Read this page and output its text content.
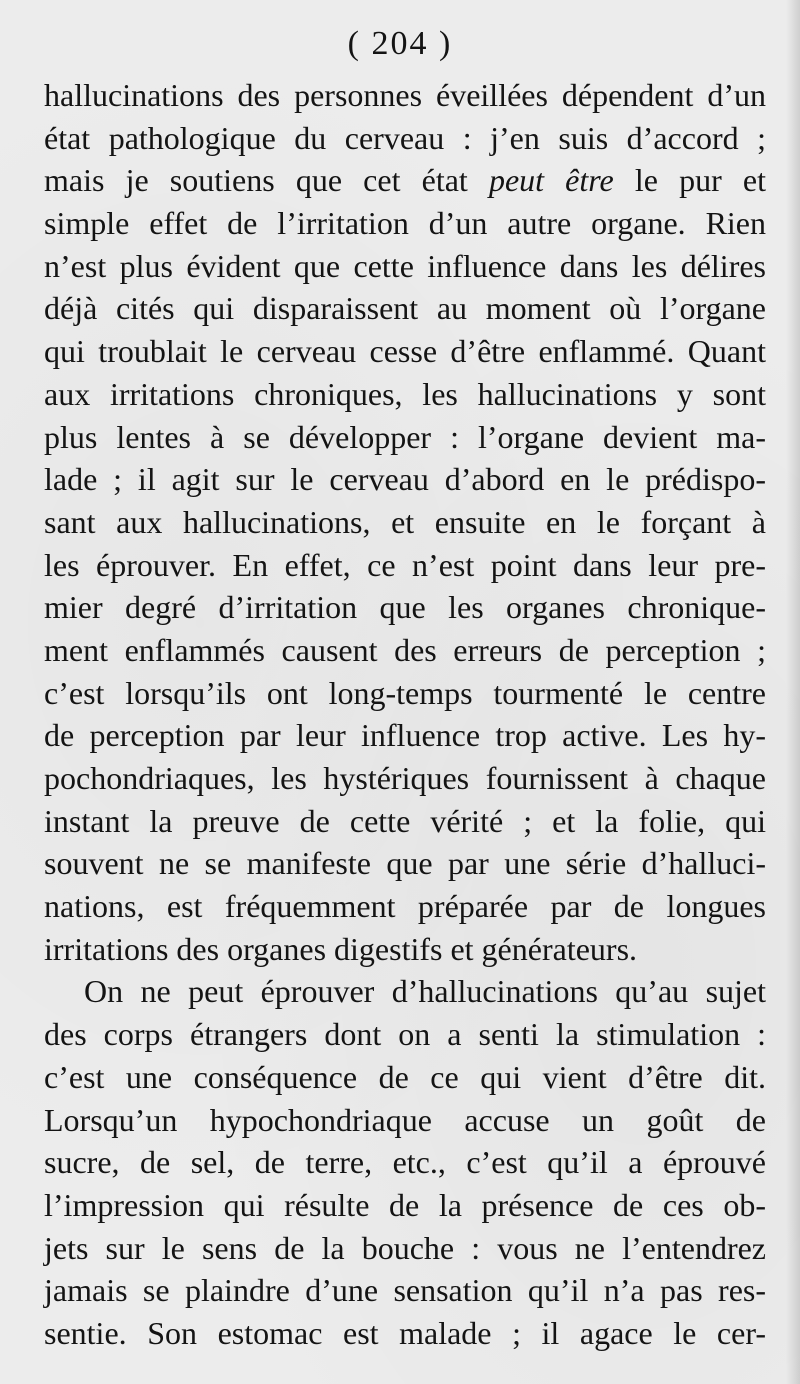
( 204 )
hallucinations des personnes éveillées dépendent d’un
état pathologique du cerveau : j’en suis d’accord ;
mais je soutiens que cet état peut être le pur et
simple effet de l’irritation d’un autre organe. Rien
n’est plus évident que cette influence dans les délires
déjà cités qui disparaissent au moment où l’organe
qui troublait le cerveau cesse d’être enflammé. Quant
aux irritations chroniques, les hallucinations y sont
plus lentes à se développer : l’organe devient ma-
lade ; il agit sur le cerveau d’abord en le prédispo-
sant aux hallucinations, et ensuite en le forçant à
les éprouver. En effet, ce n’est point dans leur pre-
mier degré d’irritation que les organes chronique-
ment enflammés causent des erreurs de perception ;
c’est lorsqu’ils ont long-temps tourmenté le centre
de perception par leur influence trop active. Les hy-
pochondriaques, les hystériques fournissent à chaque
instant la preuve de cette vérité ; et la folie, qui
souvent ne se manifeste que par une série d’halluci-
nations, est fréquemment préparée par de longues
irritations des organes digestifs et générateurs.
On ne peut éprouver d’hallucinations qu’au sujet
des corps étrangers dont on a senti la stimulation :
c’est une conséquence de ce qui vient d’être dit.
Lorsqu’un hypochondriaque accuse un goût de
sucre, de sel, de terre, etc., c’est qu’il a éprouvé
l’impression qui résulte de la présence de ces ob-
jets sur le sens de la bouche : vous ne l’entendrez
jamais se plaindre d’une sensation qu’il n’a pas res-
sentie. Son estomac est malade ; il agace le cer-
